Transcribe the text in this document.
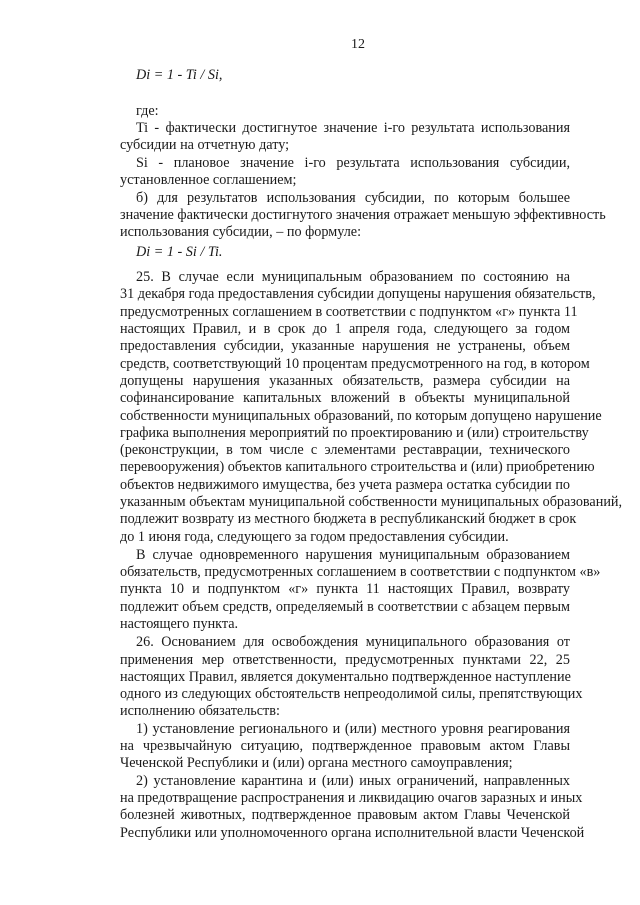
12
Di = 1 - Ti / Si,
где:
Ti - фактически достигнутое значение i-го результата использования
субсидии на отчетную дату;
Si - плановое значение i-го результата использования субсидии,
установленное соглашением;
б) для результатов использования субсидии, по которым большее
значение фактически достигнутого значения отражает меньшую эффективность
использования субсидии, – по формуле:
Di = 1 - Si / Ti.
25. В случае если муниципальным образованием по состоянию на
31 декабря года предоставления субсидии допущены нарушения обязательств,
предусмотренных соглашением в соответствии с подпунктом «г» пункта 11
настоящих Правил, и в срок до 1 апреля года, следующего за годом
предоставления субсидии, указанные нарушения не устранены, объем
средств, соответствующий 10 процентам предусмотренного на год, в котором
допущены нарушения указанных обязательств, размера субсидии на
софинансирование капитальных вложений в объекты муниципальной
собственности муниципальных образований, по которым допущено нарушение
графика выполнения мероприятий по проектированию и (или) строительству
(реконструкции, в том числе с элементами реставрации, технического
перевооружения) объектов капитального строительства и (или) приобретению
объектов недвижимого имущества, без учета размера остатка субсидии по
указанным объектам муниципальной собственности муниципальных образований,
подлежит возврату из местного бюджета в республиканский бюджет в срок
до 1 июня года, следующего за годом предоставления субсидии.
В случае одновременного нарушения муниципальным образованием
обязательств, предусмотренных соглашением в соответствии с подпунктом «в»
пункта 10 и подпунктом «г» пункта 11 настоящих Правил, возврату
подлежит объем средств, определяемый в соответствии с абзацем первым
настоящего пункта.
26. Основанием для освобождения муниципального образования от
применения мер ответственности, предусмотренных пунктами 22, 25
настоящих Правил, является документально подтвержденное наступление
одного из следующих обстоятельств непреодолимой силы, препятствующих
исполнению обязательств:
1) установление регионального и (или) местного уровня реагирования
на чрезвычайную ситуацию, подтвержденное правовым актом Главы
Чеченской Республики и (или) органа местного самоуправления;
2) установление карантина и (или) иных ограничений, направленных
на предотвращение распространения и ликвидацию очагов заразных и иных
болезней животных, подтвержденное правовым актом Главы Чеченской
Республики или уполномоченного органа исполнительной власти Чеченской
